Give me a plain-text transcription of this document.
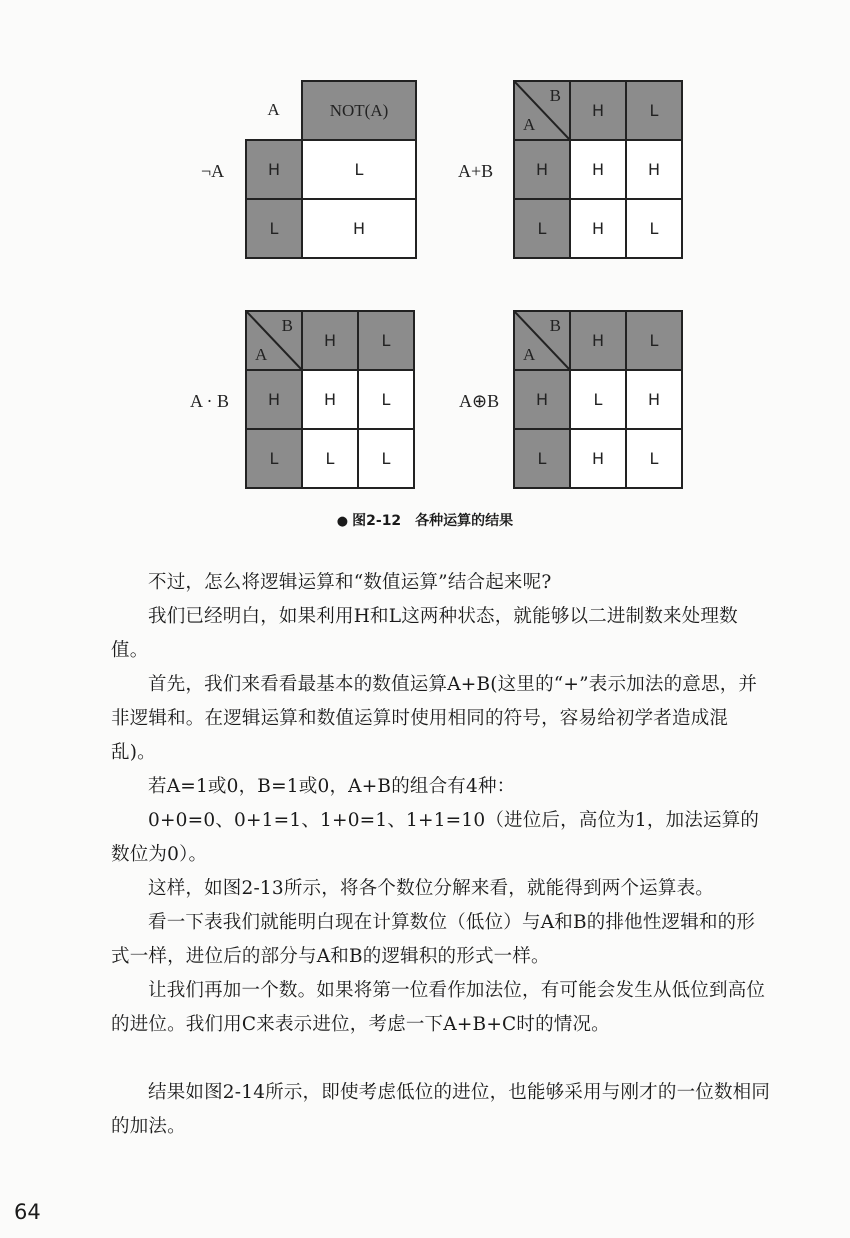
¬A
A	NOT(A)
H	L
L	H
A+B
B
A	H	L
H	H	H
L	H	L
A · B
B
A	H	L
H	H	L
L	L	L
A⊕B
B
A	H	L
H	L	H
L	H	L
● 图2-12　各种运算的结果

不过，怎么将逻辑运算和“数值运算”结合起来呢?

我们已经明白，如果利用H和L这两种状态，就能够以二进制数来处理数值。

首先，我们来看看最基本的数值运算A+B(这里的“+”表示加法的意思，并非逻辑和。在逻辑运算和数值运算时使用相同的符号，容易给初学者造成混乱)。

若A=1或0，B=1或0，A+B的组合有4种：

0+0=0、0+1=1、1+0=1、1+1=10（进位后，高位为1，加法运算的数位为0）。

这样，如图2-13所示，将各个数位分解来看，就能得到两个运算表。

看一下表我们就能明白现在计算数位（低位）与A和B的排他性逻辑和的形式一样，进位后的部分与A和B的逻辑积的形式一样。

让我们再加一个数。如果将第一位看作加法位，有可能会发生从低位到高位的进位。我们用C来表示进位，考虑一下A+B+C时的情况。

结果如图2-14所示，即使考虑低位的进位，也能够采用与刚才的一位数相同的加法。

64
